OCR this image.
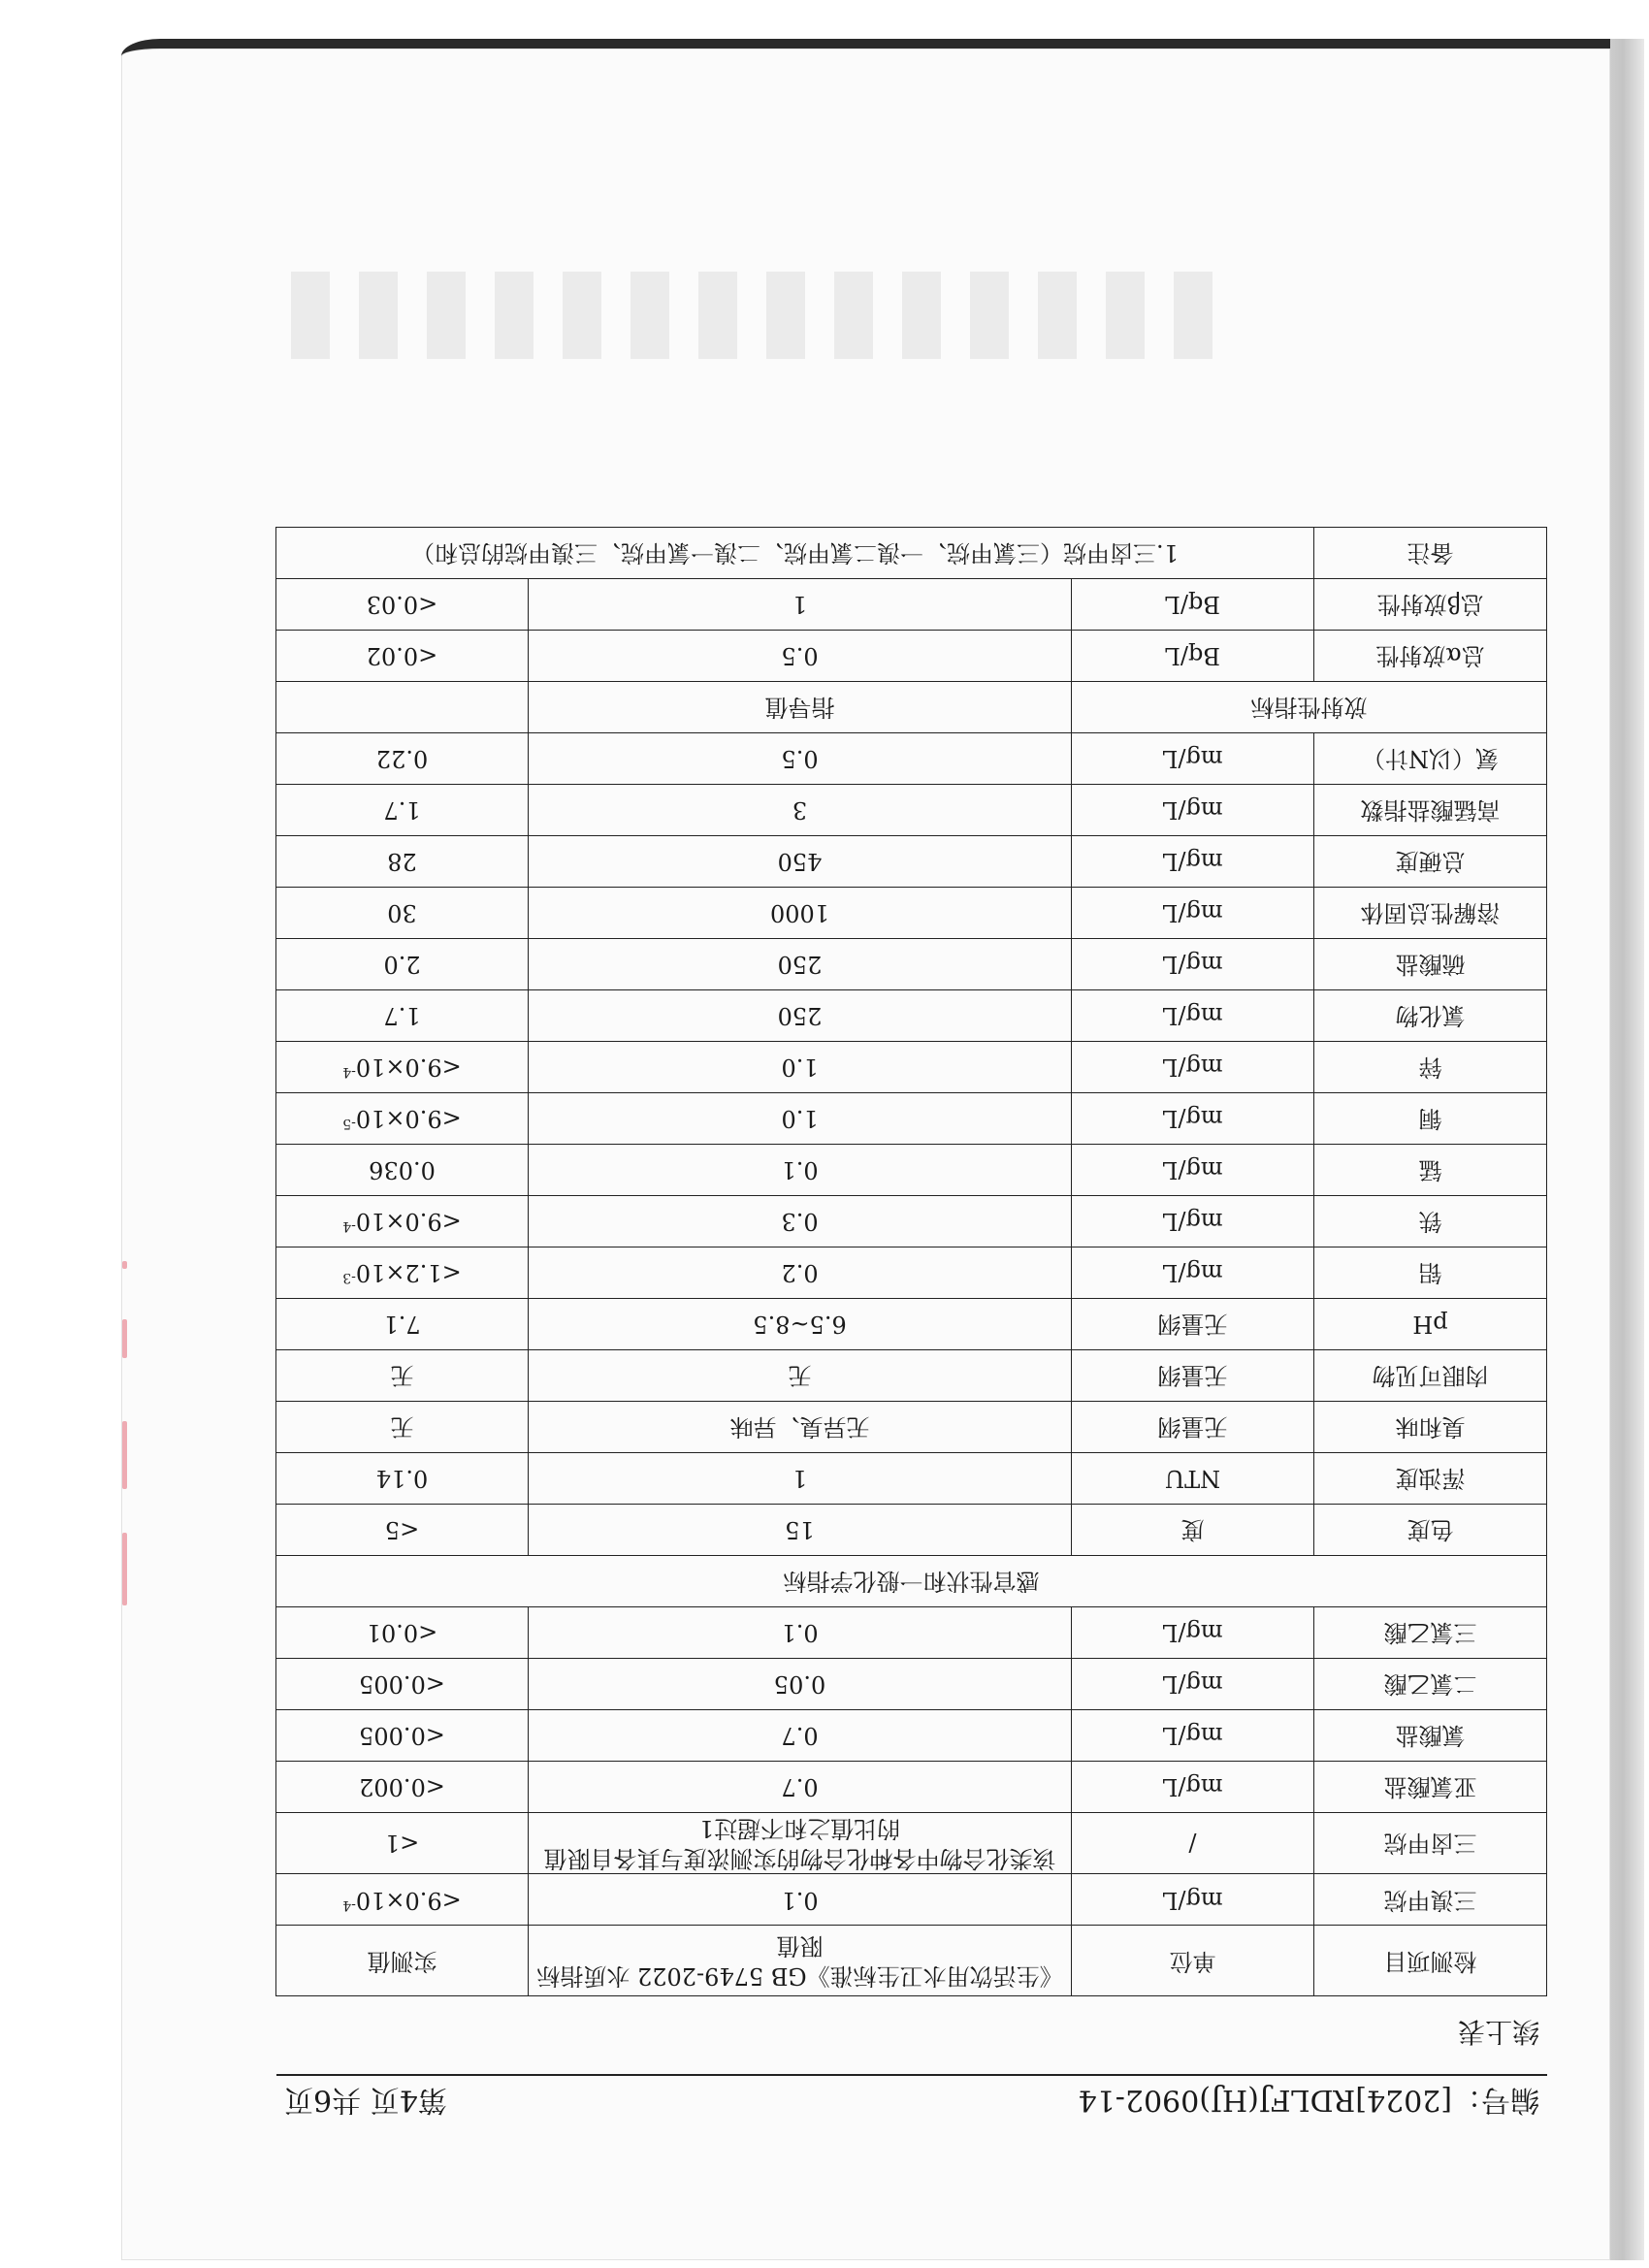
编号：[2024]RDLFJ(HJ)0902-14
第4页 共6页
续上表
检测项目	单位	《生活饮用水卫生标准》GB 5749-2022 水质指标限值	实测值
三溴甲烷	mg/L	0.1	$<9.0\times 10^{-4}$
三卤甲烷	/	该类化合物中各种化合物的实测浓度与其各自限值的比值之和不超过1	<1
亚氯酸盐	mg/L	0.7	<0.002
氯酸盐	mg/L	0.7	<0.005
二氯乙酸	mg/L	0.05	<0.005
三氯乙酸	mg/L	0.1	<0.01
感官性状和一般化学指标			
色度	度	15	<5
浑浊度	NTU	1	0.14
臭和味	无量纲	无异臭、异味	无
肉眼可见物	无量纲	无	无
pH	无量纲	6.5~8.5	7.1
铝	mg/L	0.2	$<1.2\times 10^{-3}$
铁	mg/L	0.3	$<9.0\times 10^{-4}$
锰	mg/L	0.1	0.036
铜	mg/L	1.0	$<9.0\times 10^{-5}$
锌	mg/L	1.0	$<9.0\times 10^{-4}$
氯化物	mg/L	250	1.7
硫酸盐	mg/L	250	2.0
溶解性总固体	mg/L	1000	30
总硬度	mg/L	450	28
高锰酸盐指数	mg/L	3	1.7
氨（以N计）	mg/L	0.5	0.22
放射性指标		指导值	
总α放射性	Bq/L	0.5	<0.02
总β放射性	Bq/L	1	<0.03
备注	1.三卤甲烷（三氯甲烷、一溴二氯甲烷、二溴一氯甲烷、三溴甲烷的总和）		
